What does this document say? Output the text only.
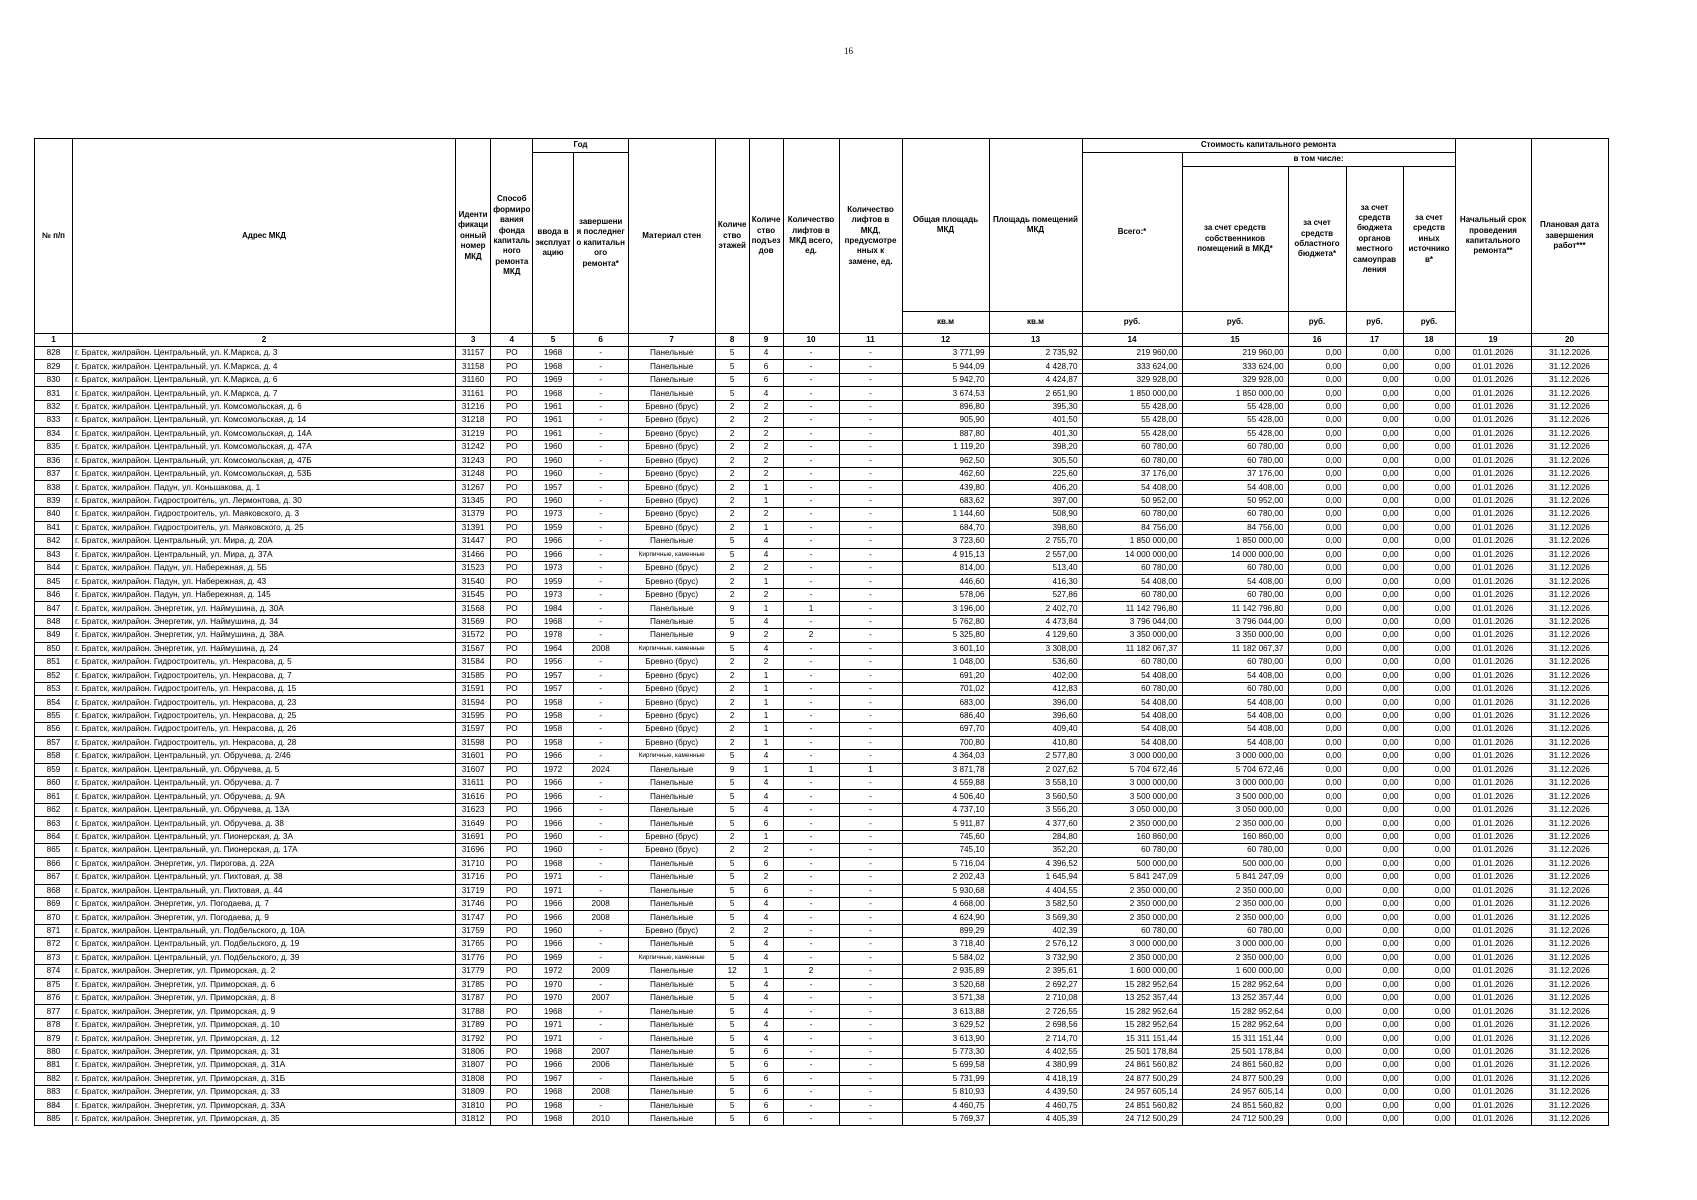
16
№ п/п	Адрес МКД	Иденти фикаци онный номер МКД	Способ формиро вания фонда капиталь ного ремонта МКД	Год		Материал стен	Количе ство этажей	Количе ство подъез дов	Количество лифтов в МКД всего, ед.	Количество лифтов в МКД, предусмотре нных к замене, ед.	Общая площадь МКД	Площадь помещений МКД	Стоимость капитального ремонта					Начальный срок проведения капитального ремонта**	Плановая дата завершения работ***
				ввода в эксплуат ацию	завершени я последнег о капитальн ого ремонта*								Всего:*	в том числе:					
														за счет средств собственников помещений в МКД*	за счет средств областного бюджета*	за счет средств бюджета органов местного самоуправ ления	за счет средств иных источнико в*		
											кв.м	кв.м	руб.	руб.	руб.	руб.	руб.		
1	2	3	4	5	6	7	8	9	10	11	12	13	14	15	16	17	18	19	20
828	г. Братск, жилрайон. Центральный, ул. К.Маркса, д. 3	31157	РО	1968	-	Панельные	5	4	-	-	3 771,99	2 735,92	219 960,00	219 960,00	0,00	0,00	0,00	01.01.2026	31.12.2026
829	г. Братск, жилрайон. Центральный, ул. К.Маркса, д. 4	31158	РО	1968	-	Панельные	5	6	-	-	5 944,09	4 428,70	333 624,00	333 624,00	0,00	0,00	0,00	01.01.2026	31.12.2026
830	г. Братск, жилрайон. Центральный, ул. К.Маркса, д. 6	31160	РО	1969	-	Панельные	5	6	-	-	5 942,70	4 424,87	329 928,00	329 928,00	0,00	0,00	0,00	01.01.2026	31.12.2026
831	г. Братск, жилрайон. Центральный, ул. К.Маркса, д. 7	31161	РО	1968	-	Панельные	5	4	-	-	3 674,53	2 651,90	1 850 000,00	1 850 000,00	0,00	0,00	0,00	01.01.2026	31.12.2026
832	г. Братск, жилрайон. Центральный, ул. Комсомольская, д. 6	31216	РО	1961	-	Бревно (брус)	2	2	-	-	896,80	395,30	55 428,00	55 428,00	0,00	0,00	0,00	01.01.2026	31.12.2026
833	г. Братск, жилрайон. Центральный, ул. Комсомольская, д. 14	31218	РО	1961	-	Бревно (брус)	2	2	-	-	905,90	401,50	55 428,00	55 428,00	0,00	0,00	0,00	01.01.2026	31.12.2026
834	г. Братск, жилрайон. Центральный, ул. Комсомольская, д. 14А	31219	РО	1961	-	Бревно (брус)	2	2	-	-	887,80	401,30	55 428,00	55 428,00	0,00	0,00	0,00	01.01.2026	31.12.2026
835	г. Братск, жилрайон. Центральный, ул. Комсомольская, д. 47А	31242	РО	1960	-	Бревно (брус)	2	2	-	-	1 119,20	398,20	60 780,00	60 780,00	0,00	0,00	0,00	01.01.2026	31.12.2026
836	г. Братск, жилрайон. Центральный, ул. Комсомольская, д. 47Б	31243	РО	1960	-	Бревно (брус)	2	2	-	-	962,50	305,50	60 780,00	60 780,00	0,00	0,00	0,00	01.01.2026	31.12.2026
837	г. Братск, жилрайон. Центральный, ул. Комсомольская, д. 53Б	31248	РО	1960	-	Бревно (брус)	2	2	-	-	462,60	225,60	37 176,00	37 176,00	0,00	0,00	0,00	01.01.2026	31.12.2026
838	г. Братск, жилрайон. Падун, ул. Коньшакова, д. 1	31267	РО	1957	-	Бревно (брус)	2	1	-	-	439,80	406,20	54 408,00	54 408,00	0,00	0,00	0,00	01.01.2026	31.12.2026
839	г. Братск, жилрайон. Гидростроитель, ул. Лермонтова, д. 30	31345	РО	1960	-	Бревно (брус)	2	1	-	-	683,62	397,00	50 952,00	50 952,00	0,00	0,00	0,00	01.01.2026	31.12.2026
840	г. Братск, жилрайон. Гидростроитель, ул. Маяковского, д. 3	31379	РО	1973	-	Бревно (брус)	2	2	-	-	1 144,60	508,90	60 780,00	60 780,00	0,00	0,00	0,00	01.01.2026	31.12.2026
841	г. Братск, жилрайон. Гидростроитель, ул. Маяковского, д. 25	31391	РО	1959	-	Бревно (брус)	2	1	-	-	684,70	398,60	84 756,00	84 756,00	0,00	0,00	0,00	01.01.2026	31.12.2026
842	г. Братск, жилрайон. Центральный, ул. Мира, д. 20А	31447	РО	1966	-	Панельные	5	4	-	-	3 723,60	2 755,70	1 850 000,00	1 850 000,00	0,00	0,00	0,00	01.01.2026	31.12.2026
843	г. Братск, жилрайон. Центральный, ул. Мира, д. 37А	31466	РО	1966	-	Кирпичные, каменные	5	4	-	-	4 915,13	2 557,00	14 000 000,00	14 000 000,00	0,00	0,00	0,00	01.01.2026	31.12.2026
844	г. Братск, жилрайон. Падун, ул. Набережная, д. 5Б	31523	РО	1973	-	Бревно (брус)	2	2	-	-	814,00	513,40	60 780,00	60 780,00	0,00	0,00	0,00	01.01.2026	31.12.2026
845	г. Братск, жилрайон. Падун, ул. Набережная, д. 43	31540	РО	1959	-	Бревно (брус)	2	1	-	-	446,60	416,30	54 408,00	54 408,00	0,00	0,00	0,00	01.01.2026	31.12.2026
846	г. Братск, жилрайон. Падун, ул. Набережная, д. 145	31545	РО	1973	-	Бревно (брус)	2	2	-	-	578,06	527,86	60 780,00	60 780,00	0,00	0,00	0,00	01.01.2026	31.12.2026
847	г. Братск, жилрайон. Энергетик, ул. Наймушина, д. 30А	31568	РО	1984	-	Панельные	9	1	1	-	3 196,00	2 402,70	11 142 796,80	11 142 796,80	0,00	0,00	0,00	01.01.2026	31.12.2026
848	г. Братск, жилрайон. Энергетик, ул. Наймушина, д. 34	31569	РО	1968	-	Панельные	5	4	-	-	5 762,80	4 473,84	3 796 044,00	3 796 044,00	0,00	0,00	0,00	01.01.2026	31.12.2026
849	г. Братск, жилрайон. Энергетик, ул. Наймушина, д. 38А	31572	РО	1978	-	Панельные	9	2	2	-	5 325,80	4 129,60	3 350 000,00	3 350 000,00	0,00	0,00	0,00	01.01.2026	31.12.2026
850	г. Братск, жилрайон. Энергетик, ул. Наймушина, д. 24	31567	РО	1964	2008	Кирпичные, каменные	5	4	-	-	3 601,10	3 308,00	11 182 067,37	11 182 067,37	0,00	0,00	0,00	01.01.2026	31.12.2026
851	г. Братск, жилрайон. Гидростроитель, ул. Некрасова, д. 5	31584	РО	1956	-	Бревно (брус)	2	2	-	-	1 048,00	536,60	60 780,00	60 780,00	0,00	0,00	0,00	01.01.2026	31.12.2026
852	г. Братск, жилрайон. Гидростроитель, ул. Некрасова, д. 7	31585	РО	1957	-	Бревно (брус)	2	1	-	-	691,20	402,00	54 408,00	54 408,00	0,00	0,00	0,00	01.01.2026	31.12.2026
853	г. Братск, жилрайон. Гидростроитель, ул. Некрасова, д. 15	31591	РО	1957	-	Бревно (брус)	2	1	-	-	701,02	412,83	60 780,00	60 780,00	0,00	0,00	0,00	01.01.2026	31.12.2026
854	г. Братск, жилрайон. Гидростроитель, ул. Некрасова, д. 23	31594	РО	1958	-	Бревно (брус)	2	1	-	-	683,00	396,00	54 408,00	54 408,00	0,00	0,00	0,00	01.01.2026	31.12.2026
855	г. Братск, жилрайон. Гидростроитель, ул. Некрасова, д. 25	31595	РО	1958	-	Бревно (брус)	2	1	-	-	686,40	396,60	54 408,00	54 408,00	0,00	0,00	0,00	01.01.2026	31.12.2026
856	г. Братск, жилрайон. Гидростроитель, ул. Некрасова, д. 26	31597	РО	1958	-	Бревно (брус)	2	1	-	-	697,70	409,40	54 408,00	54 408,00	0,00	0,00	0,00	01.01.2026	31.12.2026
857	г. Братск, жилрайон. Гидростроитель, ул. Некрасова, д. 28	31598	РО	1958	-	Бревно (брус)	2	1	-	-	700,80	410,80	54 408,00	54 408,00	0,00	0,00	0,00	01.01.2026	31.12.2026
858	г. Братск, жилрайон. Центральный, ул. Обручева, д. 2/46	31601	РО	1966	-	Кирпичные, каменные	5	4	-	-	4 364,03	2 577,80	3 000 000,00	3 000 000,00	0,00	0,00	0,00	01.01.2026	31.12.2026
859	г. Братск, жилрайон. Центральный, ул. Обручева, д. 5	31607	РО	1972	2024	Панельные	9	1	1	1	3 871,78	2 027,62	5 704 672,46	5 704 672,46	0,00	0,00	0,00	01.01.2026	31.12.2026
860	г. Братск, жилрайон. Центральный, ул. Обручева, д. 7	31611	РО	1966	-	Панельные	5	4	-	-	4 559,88	3 558,10	3 000 000,00	3 000 000,00	0,00	0,00	0,00	01.01.2026	31.12.2026
861	г. Братск, жилрайон. Центральный, ул. Обручева, д. 9А	31616	РО	1966	-	Панельные	5	4	-	-	4 506,40	3 560,50	3 500 000,00	3 500 000,00	0,00	0,00	0,00	01.01.2026	31.12.2026
862	г. Братск, жилрайон. Центральный, ул. Обручева, д. 13А	31623	РО	1966	-	Панельные	5	4	-	-	4 737,10	3 556,20	3 050 000,00	3 050 000,00	0,00	0,00	0,00	01.01.2026	31.12.2026
863	г. Братск, жилрайон. Центральный, ул. Обручева, д. 38	31649	РО	1966	-	Панельные	5	6	-	-	5 911,87	4 377,60	2 350 000,00	2 350 000,00	0,00	0,00	0,00	01.01.2026	31.12.2026
864	г. Братск, жилрайон. Центральный, ул. Пионерская, д. 3А	31691	РО	1960	-	Бревно (брус)	2	1	-	-	745,60	284,80	160 860,00	160 860,00	0,00	0,00	0,00	01.01.2026	31.12.2026
865	г. Братск, жилрайон. Центральный, ул. Пионерская, д. 17А	31696	РО	1960	-	Бревно (брус)	2	2	-	-	745,10	352,20	60 780,00	60 780,00	0,00	0,00	0,00	01.01.2026	31.12.2026
866	г. Братск, жилрайон. Энергетик, ул. Пирогова, д. 22А	31710	РО	1968	-	Панельные	5	6	-	-	5 716,04	4 396,52	500 000,00	500 000,00	0,00	0,00	0,00	01.01.2026	31.12.2026
867	г. Братск, жилрайон. Центральный, ул. Пихтовая, д. 38	31716	РО	1971	-	Панельные	5	2	-	-	2 202,43	1 645,94	5 841 247,09	5 841 247,09	0,00	0,00	0,00	01.01.2026	31.12.2026
868	г. Братск, жилрайон. Центральный, ул. Пихтовая, д. 44	31719	РО	1971	-	Панельные	5	6	-	-	5 930,68	4 404,55	2 350 000,00	2 350 000,00	0,00	0,00	0,00	01.01.2026	31.12.2026
869	г. Братск, жилрайон. Энергетик, ул. Погодаева, д. 7	31746	РО	1966	2008	Панельные	5	4	-	-	4 668,00	3 582,50	2 350 000,00	2 350 000,00	0,00	0,00	0,00	01.01.2026	31.12.2026
870	г. Братск, жилрайон. Энергетик, ул. Погодаева, д. 9	31747	РО	1966	2008	Панельные	5	4	-	-	4 624,90	3 569,30	2 350 000,00	2 350 000,00	0,00	0,00	0,00	01.01.2026	31.12.2026
871	г. Братск, жилрайон. Центральный, ул. Подбельского, д. 10А	31759	РО	1960	-	Бревно (брус)	2	2	-	-	899,29	402,39	60 780,00	60 780,00	0,00	0,00	0,00	01.01.2026	31.12.2026
872	г. Братск, жилрайон. Центральный, ул. Подбельского, д. 19	31765	РО	1966	-	Панельные	5	4	-	-	3 718,40	2 576,12	3 000 000,00	3 000 000,00	0,00	0,00	0,00	01.01.2026	31.12.2026
873	г. Братск, жилрайон. Центральный, ул. Подбельского, д. 39	31776	РО	1969	-	Кирпичные, каменные	5	4	-	-	5 584,02	3 732,90	2 350 000,00	2 350 000,00	0,00	0,00	0,00	01.01.2026	31.12.2026
874	г. Братск, жилрайон. Энергетик, ул. Приморская, д. 2	31779	РО	1972	2009	Панельные	12	1	2	-	2 935,89	2 395,61	1 600 000,00	1 600 000,00	0,00	0,00	0,00	01.01.2026	31.12.2026
875	г. Братск, жилрайон. Энергетик, ул. Приморская, д. 6	31785	РО	1970	-	Панельные	5	4	-	-	3 520,68	2 692,27	15 282 952,64	15 282 952,64	0,00	0,00	0,00	01.01.2026	31.12.2026
876	г. Братск, жилрайон. Энергетик, ул. Приморская, д. 8	31787	РО	1970	2007	Панельные	5	4	-	-	3 571,38	2 710,08	13 252 357,44	13 252 357,44	0,00	0,00	0,00	01.01.2026	31.12.2026
877	г. Братск, жилрайон. Энергетик, ул. Приморская, д. 9	31788	РО	1968	-	Панельные	5	4	-	-	3 613,88	2 726,55	15 282 952,64	15 282 952,64	0,00	0,00	0,00	01.01.2026	31.12.2026
878	г. Братск, жилрайон. Энергетик, ул. Приморская, д. 10	31789	РО	1971	-	Панельные	5	4	-	-	3 629,52	2 698,56	15 282 952,64	15 282 952,64	0,00	0,00	0,00	01.01.2026	31.12.2026
879	г. Братск, жилрайон. Энергетик, ул. Приморская, д. 12	31792	РО	1971	-	Панельные	5	4	-	-	3 613,90	2 714,70	15 311 151,44	15 311 151,44	0,00	0,00	0,00	01.01.2026	31.12.2026
880	г. Братск, жилрайон. Энергетик, ул. Приморская, д. 31	31806	РО	1968	2007	Панельные	5	6	-	-	5 773,30	4 402,55	25 501 178,84	25 501 178,84	0,00	0,00	0,00	01.01.2026	31.12.2026
881	г. Братск, жилрайон. Энергетик, ул. Приморская, д. 31А	31807	РО	1966	2006	Панельные	5	6	-	-	5 699,58	4 380,99	24 861 560,82	24 861 560,82	0,00	0,00	0,00	01.01.2026	31.12.2026
882	г. Братск, жилрайон. Энергетик, ул. Приморская, д. 31Б	31808	РО	1967	-	Панельные	5	6	-	-	5 731,99	4 418,19	24 877 500,29	24 877 500,29	0,00	0,00	0,00	01.01.2026	31.12.2026
883	г. Братск, жилрайон. Энергетик, ул. Приморская, д. 33	31809	РО	1968	2008	Панельные	5	6	-	-	5 810,93	4 439,50	24 957 605,14	24 957 605,14	0,00	0,00	0,00	01.01.2026	31.12.2026
884	г. Братск, жилрайон. Энергетик, ул. Приморская, д. 33А	31810	РО	1968	-	Панельные	5	6	-	-	4 460,75	4 460,75	24 851 560,82	24 851 560,82	0,00	0,00	0,00	01.01.2026	31.12.2026
885	г. Братск, жилрайон. Энергетик, ул. Приморская, д. 35	31812	РО	1968	2010	Панельные	5	6	-	-	5 769,37	4 405,39	24 712 500,29	24 712 500,29	0,00	0,00	0,00	01.01.2026	31.12.2026
